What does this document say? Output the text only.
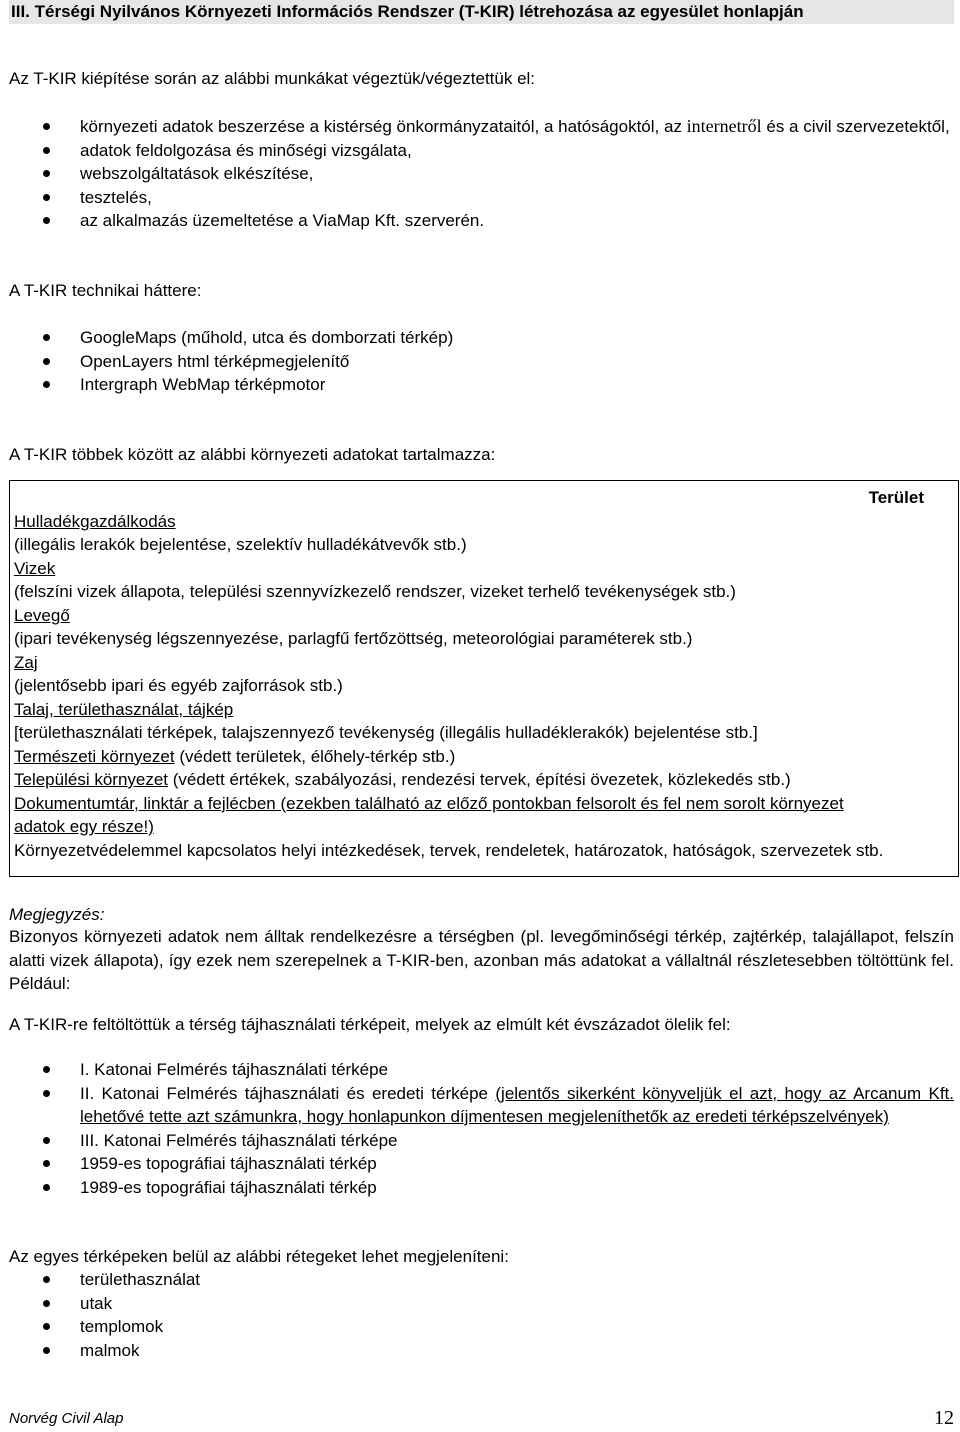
III. Térségi Nyilvános Környezeti Információs Rendszer (T-KIR) létrehozása az egyesület honlapján
Az T-KIR kiépítése során az alábbi munkákat végeztük/végeztettük el:
környezeti adatok beszerzése a kistérség önkormányzataitól, a hatóságoktól, az internetről és a civil szervezetektől,
adatok feldolgozása és minőségi vizsgálata,
webszolgáltatások elkészítése,
tesztelés,
az alkalmazás üzemeltetése a ViaMap Kft. szerverén.
A T-KIR technikai háttere:
GoogleMaps (műhold, utca és domborzati térkép)
OpenLayers html térképmegjelenítő
Intergraph WebMap térképmotor
A T-KIR többek között az alábbi környezeti adatokat tartalmazza:
Terület

Hulladékgazdálkodás

(illegális lerakók bejelentése, szelektív hulladékátvevők stb.)

Vizek

(felszíni vizek állapota, települési szennyvízkezelő rendszer, vizeket terhelő tevékenységek stb.)

Levegő

(ipari tevékenység légszennyezése, parlagfű fertőzöttség, meteorológiai paraméterek stb.)

Zaj

(jelentősebb ipari és egyéb zajforrások stb.)

Talaj, területhasználat, tájkép

[területhasználati térképek, talajszennyező tevékenység (illegális hulladéklerakók) bejelentése stb.]

Természeti környezet (védett területek, élőhely-térkép stb.)

Települési környezet (védett értékek, szabályozási, rendezési tervek, építési övezetek, közlekedés stb.)

Dokumentumtár, linktár a fejlécben (ezekben található az előző pontokban felsorolt és fel nem sorolt környezet adatok egy része!)

Környezetvédelemmel kapcsolatos helyi intézkedések, tervek, rendeletek, határozatok, hatóságok, szervezetek stb.

Megjegyzés:
Bizonyos környezeti adatok nem álltak rendelkezésre a térségben (pl. levegőminőségi térkép, zajtérkép, talajállapot, felszín alatti vizek állapota), így ezek nem szerepelnek a T-KIR-ben, azonban más adatokat a vállaltnál részletesebben töltöttünk fel. Például:
A T-KIR-re feltöltöttük a térség tájhasználati térképeit, melyek az elmúlt két évszázadot ölelik fel:
I. Katonai Felmérés tájhasználati térképe
II. Katonai Felmérés tájhasználati és eredeti térképe (jelentős sikerként könyveljük el azt, hogy az Arcanum Kft. lehetővé tette azt számunkra, hogy honlapunkon díjmentesen megjeleníthetők az eredeti térképszelvények)
III. Katonai Felmérés tájhasználati térképe
1959-es topográfiai tájhasználati térkép
1989-es topográfiai tájhasználati térkép
Az egyes térképeken belül az alábbi rétegeket lehet megjeleníteni:
területhasználat
utak
templomok
malmok
Norvég Civil Alap	12
